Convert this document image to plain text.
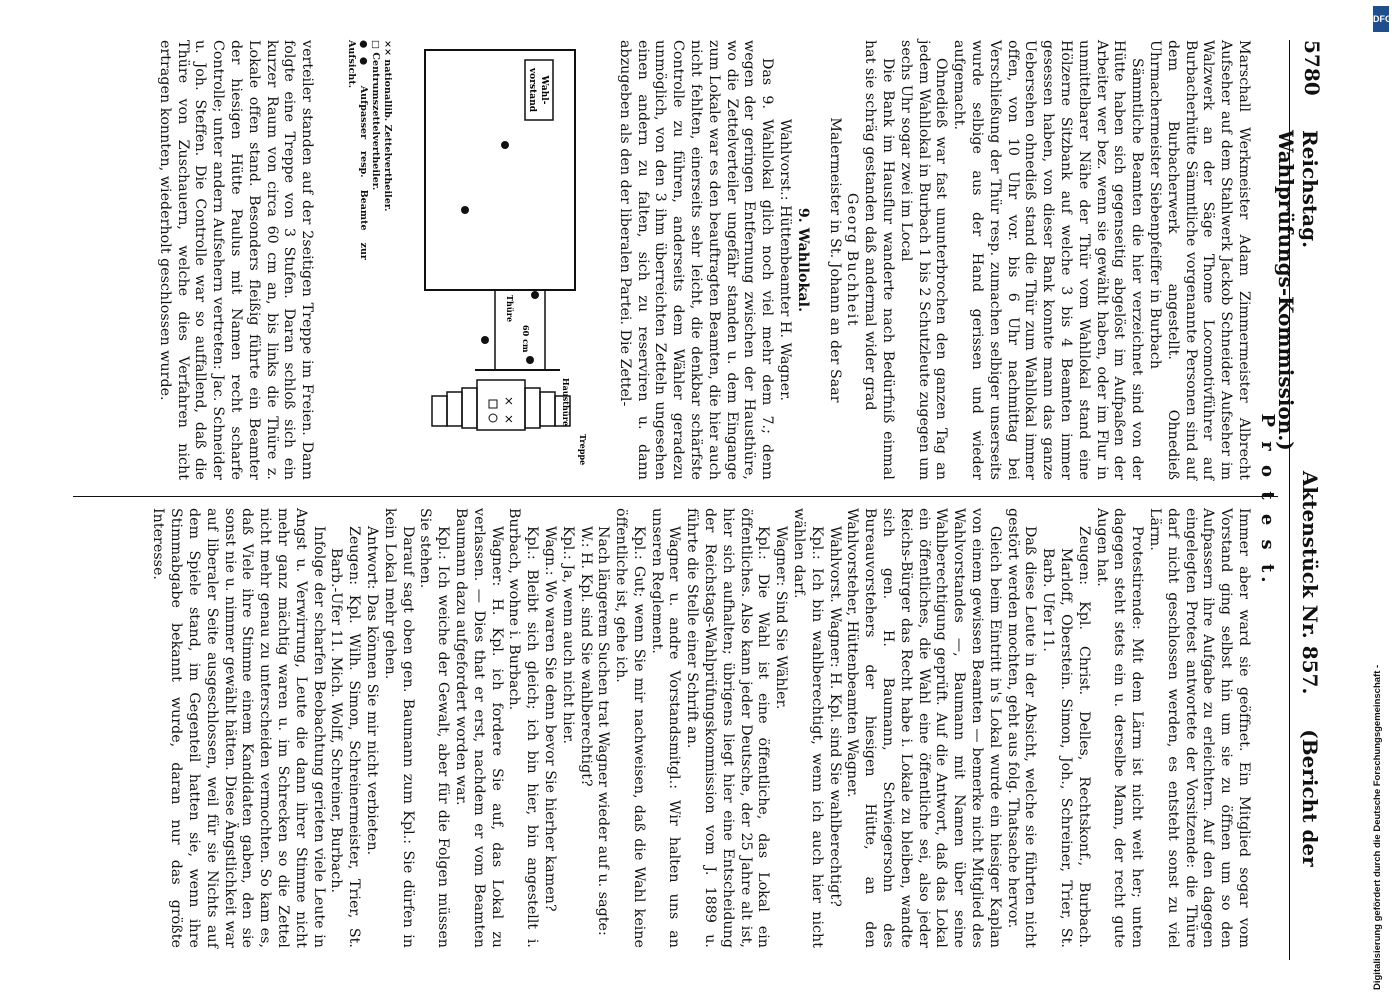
5780
Reichstag.                                Aktenstück Nr. 857.     (Bericht der Wahlprüfungs-Kommission.)
P r o t e s t.

Marschall Werkmeister Adam Zimmermeister Albrecht Aufseher auf dem Stahlwerk Jackob Schneider Aufseher im Walzwerk an der Säge Thome Locomotivführer auf Burbacherhütte Sämmtliche vorgenannte Personen sind auf dem Burbacherwerk angestellt. Ohnedieß Uhrmachermeister Siebenpfeiffer in Burbach

Sämmtliche Beamten die hier verzeichnet sind von der Hütte haben sich gegenseitig abgelöst im Aufpaßen der Arbeiter wer bez. wenn sie gewählt haben, oder im Flur in unmittelbarer Nähe der Thür vom Wahllokal stand eine Hölzerne Sitzbank auf welche 3 bis 4 Beamten immer gesessen haben, von dieser Bank konnte mann das ganze Uebersehen ohnedieß stand die Thür zum Wahllokal immer offen, von 10 Uhr vor. bis 6 Uhr nachmittag bei Verschließung der Thür resp. zumachen selbiger unserseits wurde selbige aus der Hand gerissen und wieder aufgemacht.

Ohnedieß war fast ununterbrochen den ganzen Tag an jedem Wahllokal in Burbach 1 bis 2 Schutzleute zugegen um sechs Uhr sogar zwei im Local

Die Bank im Hausflur wanderte nach Bedürfniß einmal hat sie schräg gestanden daß andermal wider grad

Georg Buchheit

Malermeister in St. Johann an der Saar

9. Wahllokal.

Wahlvorst.: Hüttenbeamter H. Wagner.

Das 9. Wahllokal glich noch viel mehr dem 7.; denn wegen der geringen Entfernung zwischen der Hausthüre, wo die Zettelverteiler ungefähr standen u. dem Eingange zum Lokale war es den beauftragten Beamten, die hier auch nicht fehlten, einerseits sehr leicht, die denkbar schärfste Controlle zu führen, anderseits dem Wähler geradezu unmöglich, von den 3 ihm überreichten Zetteln ungesehen einen andern zu falten, sich zu reserviren u. dann abzugeben als den der liberalen Partei. Die Zettel-

Wahl-
vorstand
Thüre
60 cm
Hausthüre
Treppe
×
×
×× nationallib. Zettelvertheiler.
□ Centrumszettelvertheiler.
●● Aufpasser resp. Beamte zur Aufsicht.

verteiler standen auf der 2seitigen Treppe im Freien. Dann folgte eine Treppe von 3 Stufen. Daran schloß sich ein kurzer Raum von circa 60 cm an, bis links die Thüre z. Lokale offen stand. Besonders fleißig führte ein Beamter der hiesigen Hütte Paulus mit Namen recht scharfe Controlle; unter andern Aufsehern vertreten: Jac. Schneider u. Joh. Steffen. Die Controlle war so auffallend, daß die Thüre von Zuschauern, welche dies Verfahren nicht ertragen konnten, wiederholt geschlossen wurde.

Immer aber ward sie geöffnet. Ein Mitglied sogar vom Vorstand ging selbst hin um sie zu öffnen um so den Aufpassern ihre Aufgabe zu erleichtern. Auf den dagegen eingelegten Protest antwortete der Vorsitzende: die Thüre darf nicht geschlossen werden, es entsteht sonst zu viel Lärm.

Protestirende: Mit dem Lärm ist nicht weit her; unten dagegen steht stets ein u. derselbe Mann, der recht gute Augen hat.

Zeugen: Kpl. Christ. Delles, Rechtskonf., Burbach. Marloff, Oberstein. Simon, Joh., Schreiner, Trier, St. Barb. Ufer 11.

Daß diese Leute in der Absicht, welche sie führten nicht gestört werden mochten, geht aus folg. Thatsache hervor.

Gleich beim Eintritt in's Lokal wurde ein hiesiger Kaplan von einem gewissen Beamten — bemerke nicht Mitglied des Wahlvorstandes —, Baumann mit Namen über seine Wahlberechtigung geprüft. Auf die Antwort, daß das Lokal ein öffentliches, die Wahl eine öffentliche sei, also jeder Reichs-Bürger das Recht habe i. Lokale zu bleiben, wandte sich gen. H. Baumann, Schwiegersohn des Bureauvorstehers der hiesigen Hütte, an den Wahlvorsteher, Hüttenbeamten Wagner.

Wahlvorst. Wagner: H. Kpl. sind Sie wahlberechtigt?

Kpl.: Ich bin wahlberechtigt, wenn ich auch hier nicht wählen darf.

Wagner: Sind Sie Wähler.

Kpl.: Die Wahl ist eine öffentliche, das Lokal ein öffentliches. Also kann jeder Deutsche, der 25 Jahre alt ist, hier sich aufhalten; übrigens liegt hier eine Entscheidung der Reichstags-Wahlprüfungskommission vom J. 1889 u. führte die Stelle einer Schrift an.

Wagner u. andre Vorstandsmitgl.: Wir halten uns an unseren Reglement.

Kpl.: Gut; wenn Sie mir nachweisen, daß die Wahl keine öffentliche ist, gehe ich.

Nach längerem Suchen trat Wagner wieder auf u. sagte:

W.: H. Kpl. sind Sie wahlberechtigt?

Kpl.: Ja, wenn auch nicht hier.

Wagn.: Wo waren Sie denn bevor Sie hierher kamen?

Kpl.: Bleibt sich gleich; ich bin hier, bin angestellt i. Burbach, wohne i. Burbach.

Wagner: H. Kpl. ich fordere Sie auf, das Lokal zu verlassen. — Dies that er erst, nachdem er vom Beamten Baumann dazu aufgefordert worden war.

Kpl.: Ich weiche der Gewalt, aber für die Folgen müssen Sie stehen.

Darauf sagt oben gen. Baumann zum Kpl.: Sie dürfen in kein Lokal mehr gehen.

Antwort: Das können Sie mir nicht verbieten.

Zeugen: Kpl. Wilh. Simon, Schreinermeister, Trier, St. Barb.-Ufer 11. Mich. Wolff, Schreiner, Burbach.

Infolge der scharfen Beobachtung gerieten viele Leute in Angst u. Verwirrung, Leute die dann ihrer Stimme nicht mehr ganz mächtig waren u. im Schrecken so die Zettel nicht mehr genau zu unterscheiden vermochten. So kam es, daß Viele ihre Stimme einem Kandidaten gaben, den sie sonst nie u. nimmer gewählt hätten. Diese Ängstlichkeit war auf liberaler Seite ausgeschlossen, weil für sie Nichts auf dem Spiele stand, im Gegenteil hatten sie, wenn ihre Stimmabgabe bekannt wurde, daran nur das größte Interesse.

Digitalisierung gefördert durch die Deutsche Forschungsgemeinschaft -
DFG
